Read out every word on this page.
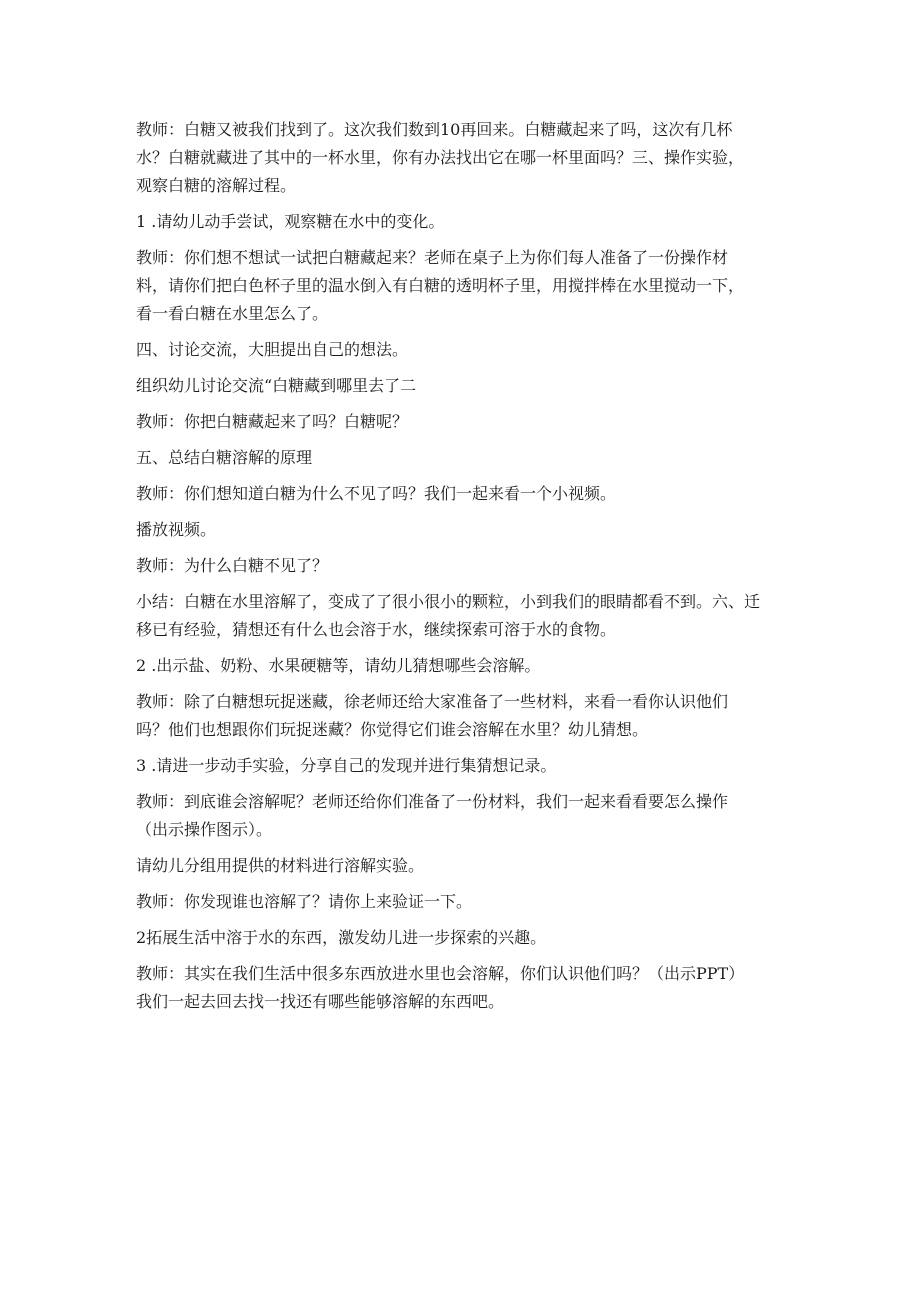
教师：白糖又被我们找到了。这次我们数到10再回来。白糖藏起来了吗，这次有几杯
水？白糖就藏进了其中的一杯水里，你有办法找出它在哪一杯里面吗？三、操作实验，
观察白糖的溶解过程。

1 .请幼儿动手尝试，观察糖在水中的变化。

教师：你们想不想试一试把白糖藏起来？老师在桌子上为你们每人准备了一份操作材
料，请你们把白色杯子里的温水倒入有白糖的透明杯子里，用搅拌棒在水里搅动一下，
看一看白糖在水里怎么了。

四、讨论交流，大胆提出自己的想法。

组织幼儿讨论交流“白糖藏到哪里去了二

教师：你把白糖藏起来了吗？白糖呢？

五、总结白糖溶解的原理

教师：你们想知道白糖为什么不见了吗？我们一起来看一个小视频。

播放视频。

教师：为什么白糖不见了？

小结：白糖在水里溶解了，变成了了很小很小的颗粒，小到我们的眼睛都看不到。六、迁
移已有经验，猜想还有什么也会溶于水，继续探索可溶于水的食物。

2 .出示盐、奶粉、水果硬糖等，请幼儿猜想哪些会溶解。

教师：除了白糖想玩捉迷藏，徐老师还给大家准备了一些材料，来看一看你认识他们
吗？他们也想跟你们玩捉迷藏？你觉得它们谁会溶解在水里？幼儿猜想。

3 .请进一步动手实验，分享自己的发现并进行集猜想记录。

教师：到底谁会溶解呢？老师还给你们准备了一份材料，我们一起来看看要怎么操作
（出示操作图示）。

请幼儿分组用提供的材料进行溶解实验。

教师：你发现谁也溶解了？请你上来验证一下。

2拓展生活中溶于水的东西，激发幼儿进一步探索的兴趣。

教师：其实在我们生活中很多东西放进水里也会溶解，你们认识他们吗？（出示PPT）
我们一起去回去找一找还有哪些能够溶解的东西吧。
